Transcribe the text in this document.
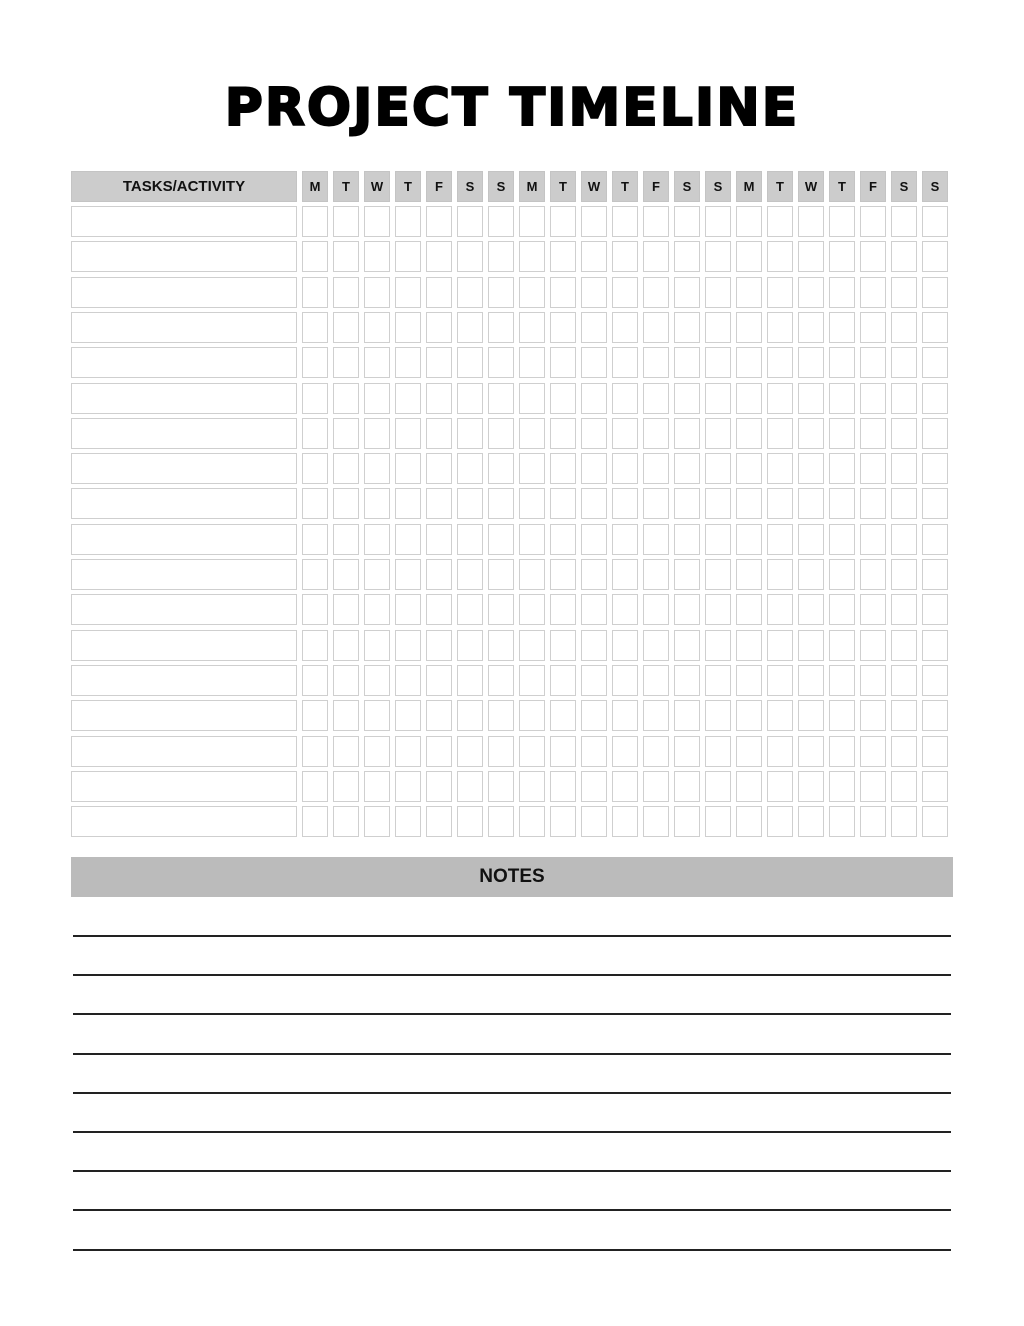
PROJECT TIMELINE
TASKS/ACTIVITY	M	T	W	T	F	S	S	M	T	W	T	F	S	S	M	T	W	T	F	S	S
NOTES
